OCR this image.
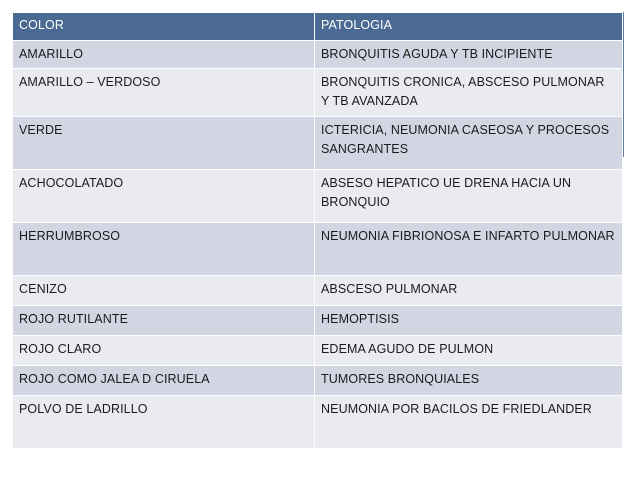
COLOR	PATOLOGIA
AMARILLO	BRONQUITIS AGUDA Y TB INCIPIENTE
AMARILLO – VERDOSO	BRONQUITIS CRONICA, ABSCESO PULMONAR Y TB AVANZADA
VERDE	ICTERICIA, NEUMONIA CASEOSA Y PROCESOS SANGRANTES
ACHOCOLATADO	ABSESO HEPATICO UE DRENA HACIA UN BRONQUIO
HERRUMBROSO	NEUMONIA FIBRIONOSA E INFARTO PULMONAR
CENIZO	ABSCESO PULMONAR
ROJO RUTILANTE	HEMOPTISIS
ROJO CLARO	EDEMA AGUDO DE PULMON
ROJO COMO JALEA D CIRUELA	TUMORES BRONQUIALES
POLVO DE LADRILLO	NEUMONIA POR BACILOS DE FRIEDLANDER
